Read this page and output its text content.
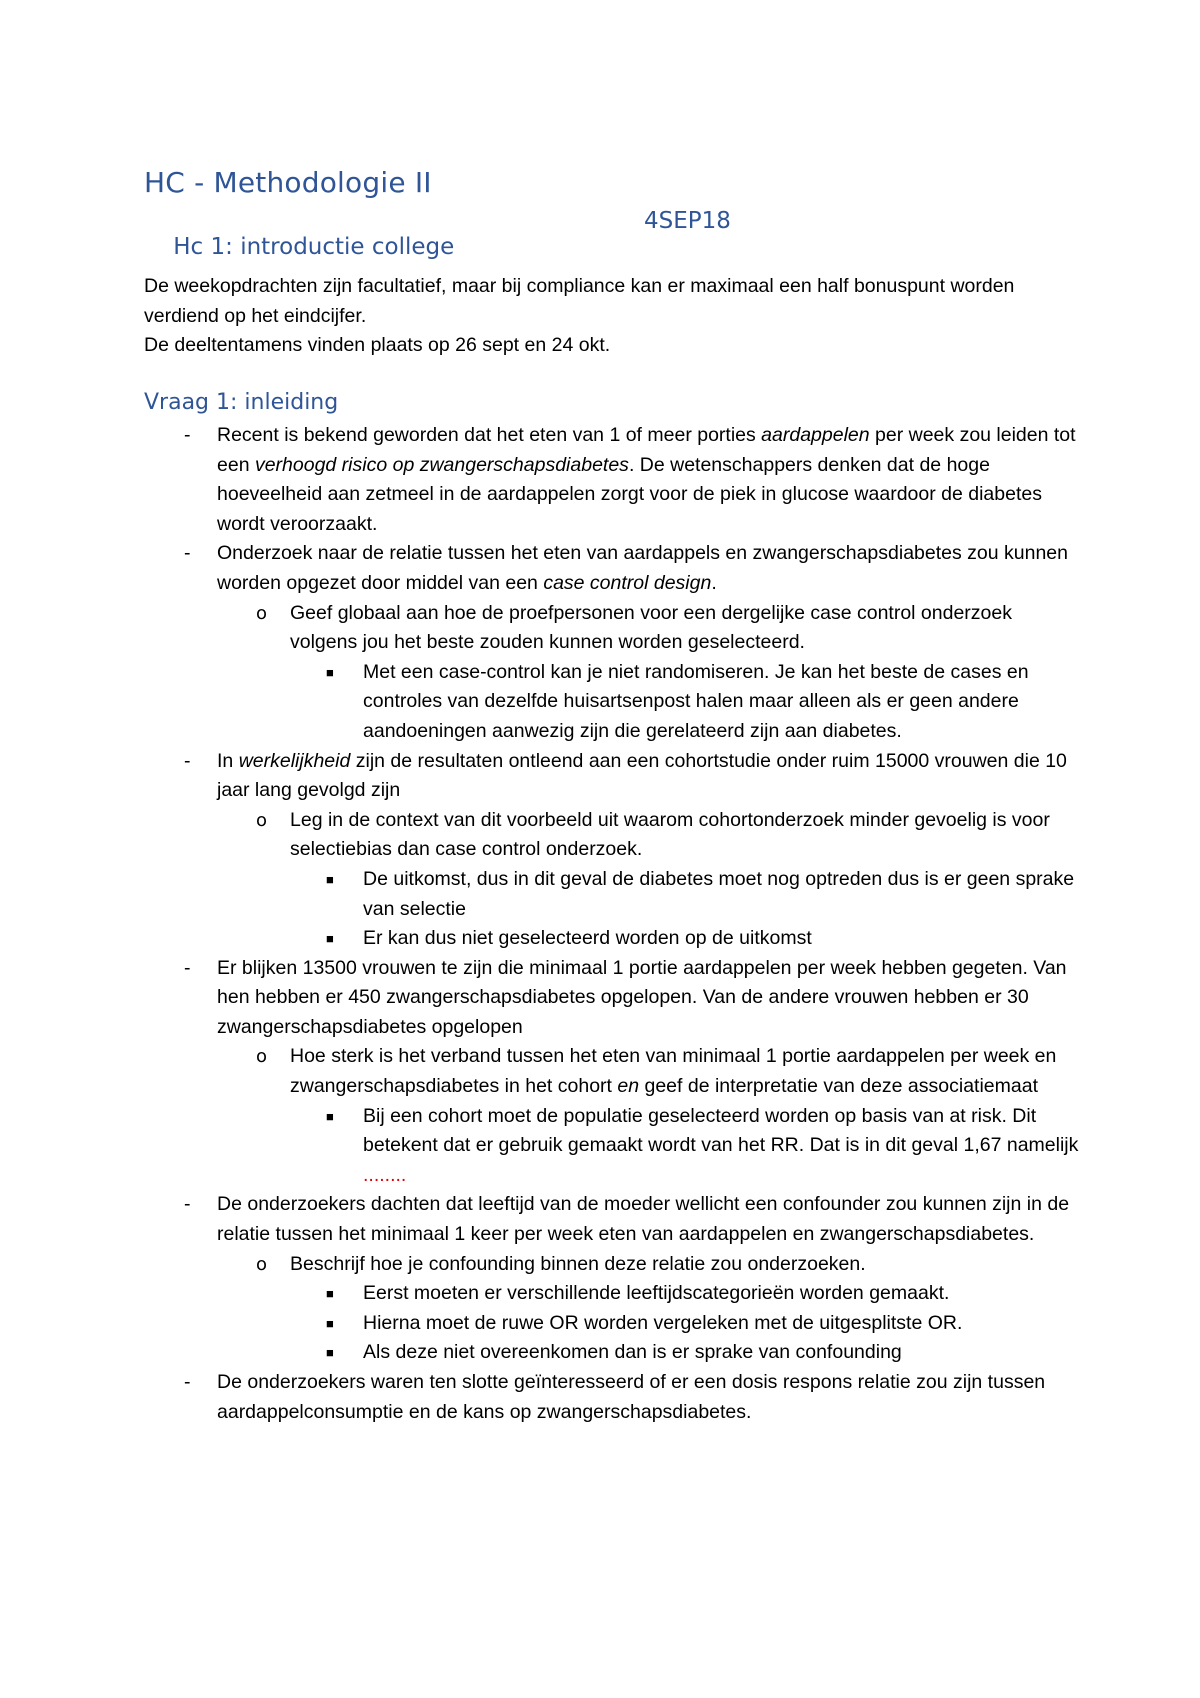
HC - Methodologie II

Hc 1: introductie college
4SEP18

De weekopdrachten zijn facultatief, maar bij compliance kan er maximaal een half bonuspunt worden verdiend op het eindcijfer.

De deeltentamens vinden plaats op 26 sept en 24 okt.

Vraag 1: inleiding
- Recent is bekend geworden dat het eten van 1 of meer porties aardappelen per week zou leiden tot een verhoogd risico op zwangerschapsdiabetes. De wetenschappers denken dat de hoge hoeveelheid aan zetmeel in de aardappelen zorgt voor de piek in glucose waardoor de diabetes wordt veroorzaakt.
- Onderzoek naar de relatie tussen het eten van aardappels en zwangerschapsdiabetes zou kunnen worden opgezet door middel van een case control design.
o Geef globaal aan hoe de proefpersonen voor een dergelijke case control onderzoek volgens jou het beste zouden kunnen worden geselecteerd.
■ Met een case-control kan je niet randomiseren. Je kan het beste de cases en controles van dezelfde huisartsenpost halen maar alleen als er geen andere aandoeningen aanwezig zijn die gerelateerd zijn aan diabetes.
- In werkelijkheid zijn de resultaten ontleend aan een cohortstudie onder ruim 15000 vrouwen die 10 jaar lang gevolgd zijn
o Leg in de context van dit voorbeeld uit waarom cohortonderzoek minder gevoelig is voor selectiebias dan case control onderzoek.
■ De uitkomst, dus in dit geval de diabetes moet nog optreden dus is er geen sprake van selectie
■ Er kan dus niet geselecteerd worden op de uitkomst
- Er blijken 13500 vrouwen te zijn die minimaal 1 portie aardappelen per week hebben gegeten. Van hen hebben er 450 zwangerschapsdiabetes opgelopen. Van de andere vrouwen hebben er 30 zwangerschapsdiabetes opgelopen
o Hoe sterk is het verband tussen het eten van minimaal 1 portie aardappelen per week en zwangerschapsdiabetes in het cohort en geef de interpretatie van deze associatiemaat
■ Bij een cohort moet de populatie geselecteerd worden op basis van at risk. Dit betekent dat er gebruik gemaakt wordt van het RR. Dat is in dit geval 1,67 namelijk ........
- De onderzoekers dachten dat leeftijd van de moeder wellicht een confounder zou kunnen zijn in de relatie tussen het minimaal 1 keer per week eten van aardappelen en zwangerschapsdiabetes.
o Beschrijf hoe je confounding binnen deze relatie zou onderzoeken.
■ Eerst moeten er verschillende leeftijdscategorieën worden gemaakt.
■ Hierna moet de ruwe OR worden vergeleken met de uitgesplitste OR.
■ Als deze niet overeenkomen dan is er sprake van confounding
- De onderzoekers waren ten slotte geïnteresseerd of er een dosis respons relatie zou zijn tussen aardappelconsumptie en de kans op zwangerschapsdiabetes.
